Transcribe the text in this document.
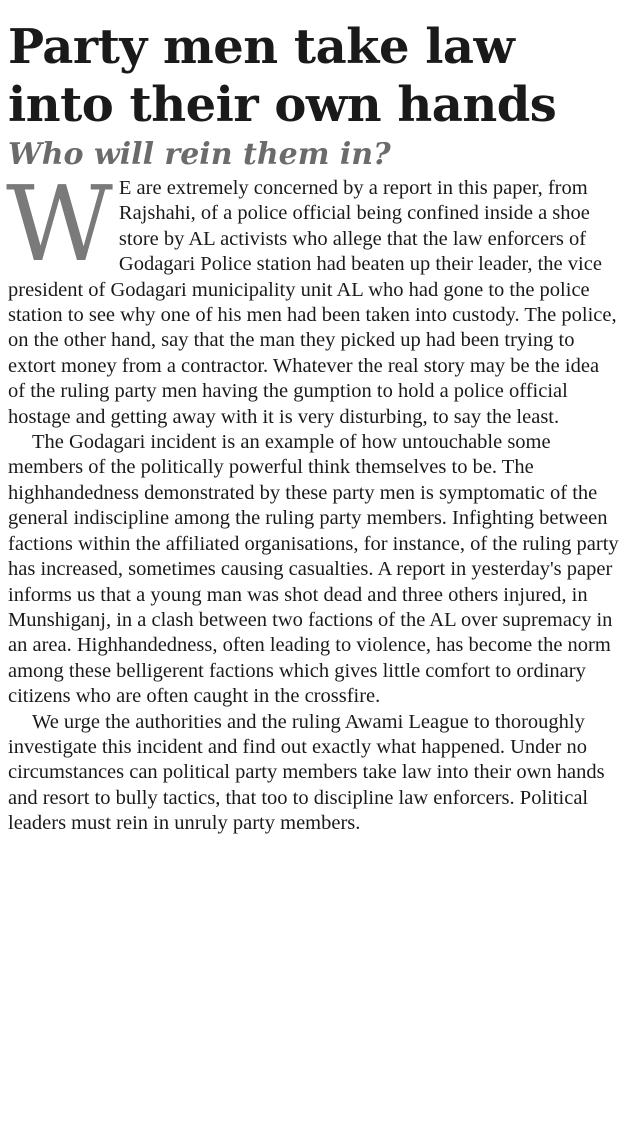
Party men take law into their own hands
Who will rein them in?

W E are extremely concerned by a report in this paper, from Rajshahi, of a police official being confined inside a shoe store by AL activists who allege that the law enforcers of Godagari Police station had beaten up their leader, the vice president of Godagari municipality unit AL who had gone to the police station to see why one of his men had been taken into custody. The police, on the other hand, say that the man they picked up had been trying to extort money from a contractor. Whatever the real story may be the idea of the ruling party men having the gumption to hold a police official hostage and getting away with it is very disturbing, to say the least.

The Godagari incident is an example of how untouchable some members of the politically powerful think themselves to be. The highhandedness demonstrated by these party men is symptomatic of the general indiscipline among the ruling party members. Infighting between factions within the affiliated organisations, for instance, of the ruling party has increased, sometimes causing casualties. A report in yesterday's paper informs us that a young man was shot dead and three others injured, in Munshiganj, in a clash between two factions of the AL over supremacy in an area. Highhandedness, often leading to violence, has become the norm among these belligerent factions which gives little comfort to ordinary citizens who are often caught in the crossfire.

We urge the authorities and the ruling Awami League to thoroughly investigate this incident and find out exactly what happened. Under no circumstances can political party members take law into their own hands and resort to bully tactics, that too to discipline law enforcers. Political leaders must rein in unruly party members.
